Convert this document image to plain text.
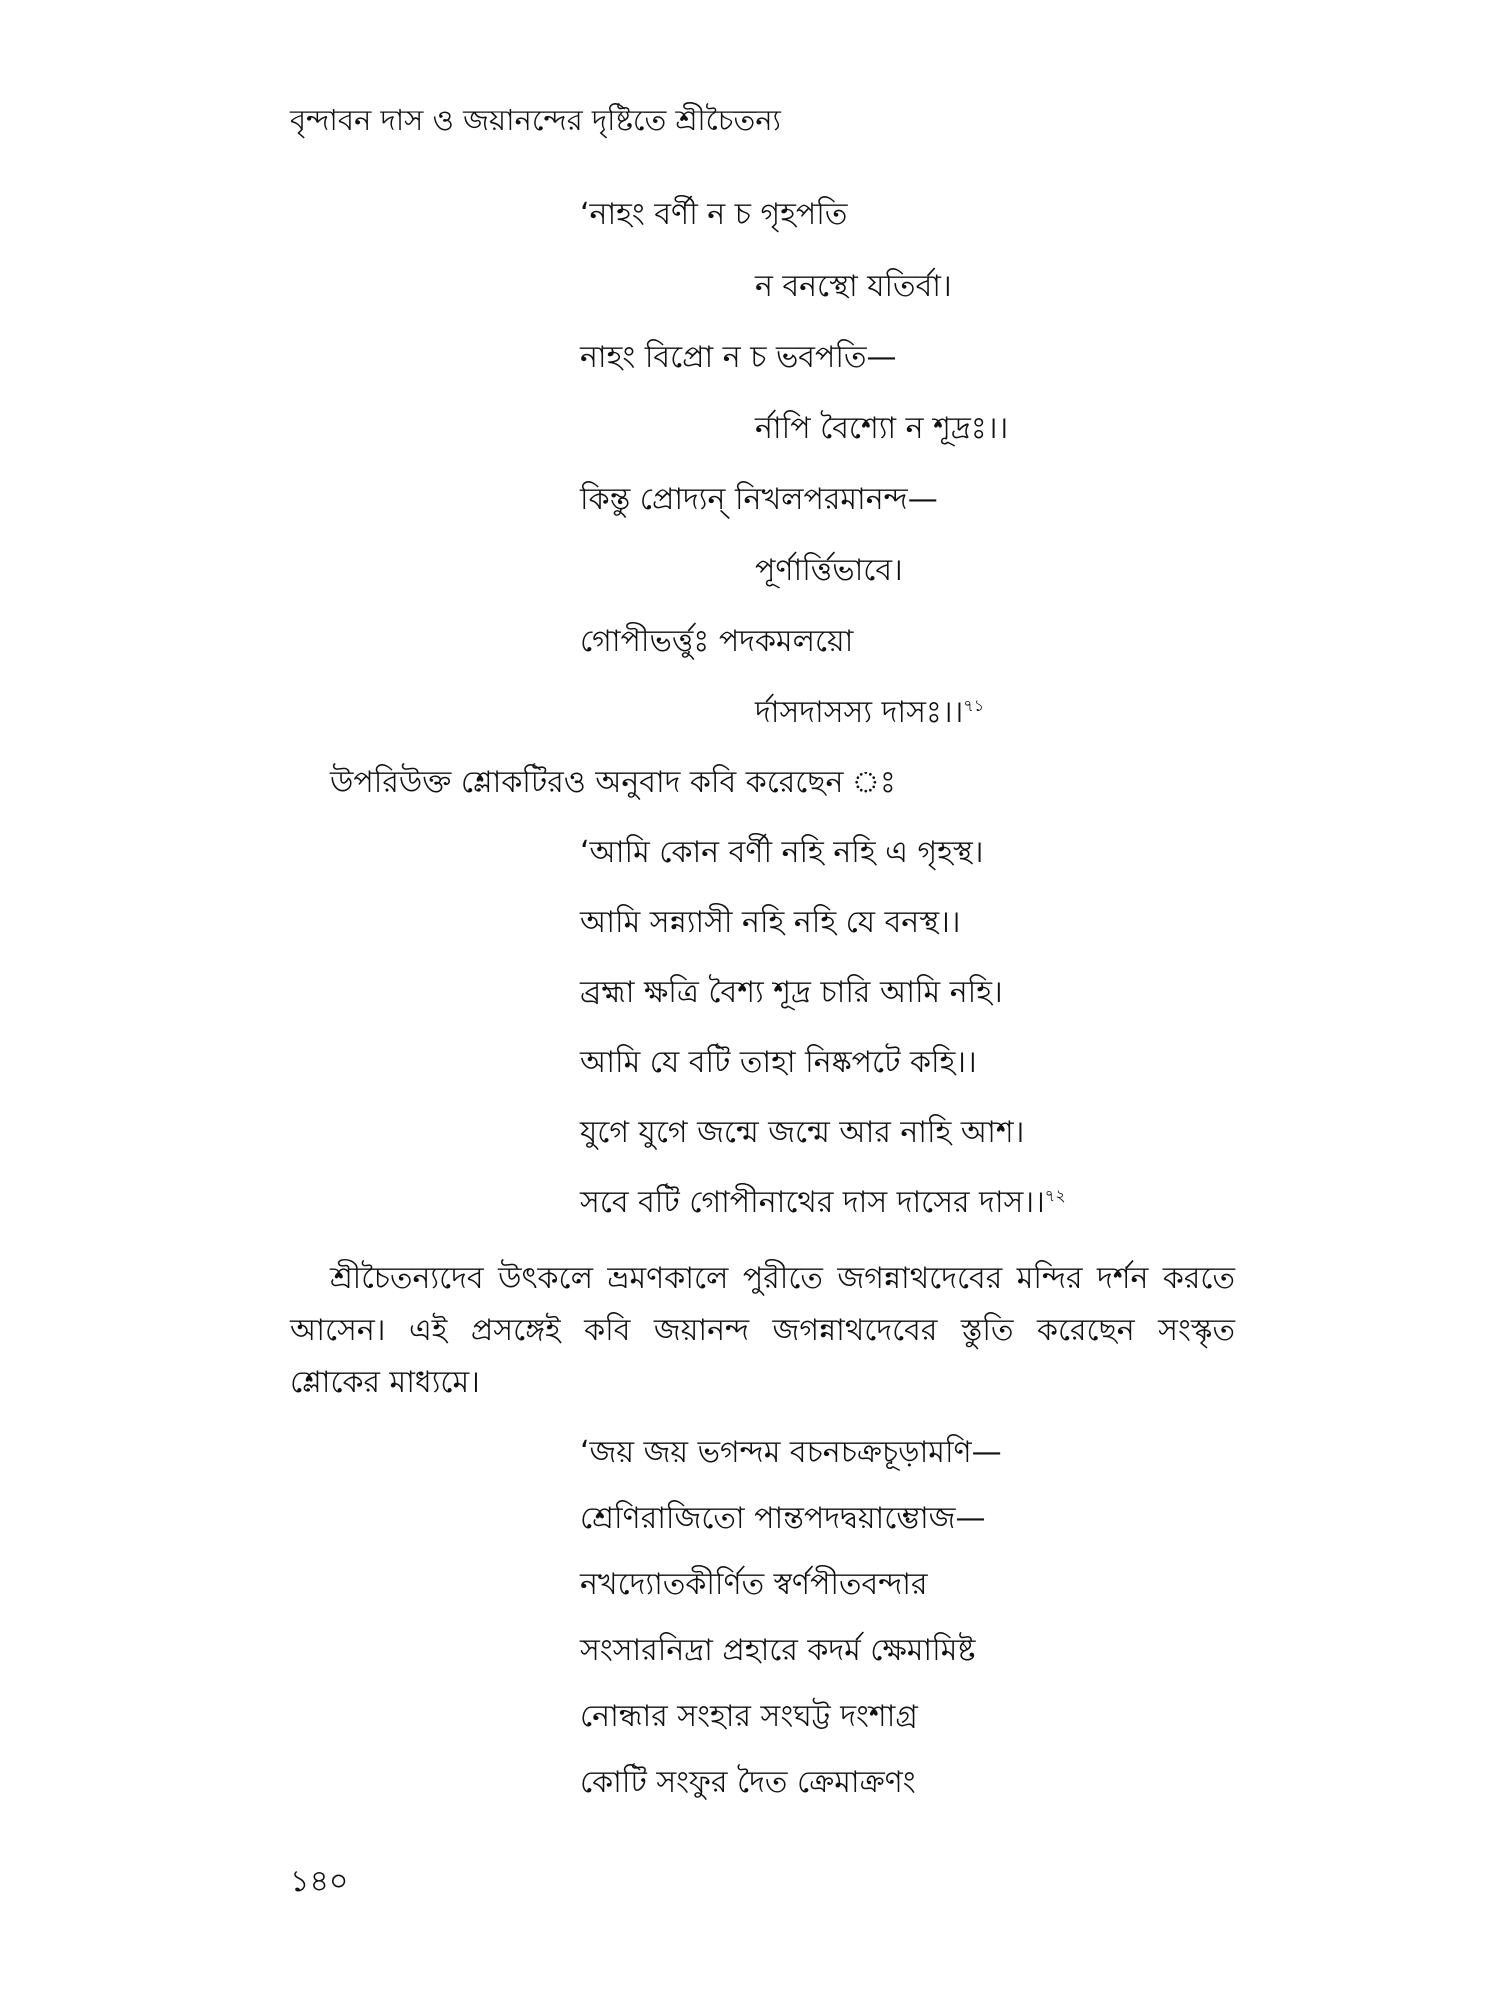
বৃন্দাবন দাস ও জয়ানন্দের দৃষ্টিতে শ্রীচৈতন্য
‘নাহং বর্ণী ন চ গৃহপতি
ন বনস্থো যতির্বা।
নাহং বিপ্রো ন চ ভবপতি—
র্নাপি বৈশ্যো ন শূদ্রঃ।।
কিন্তু প্রোদ্যন্ নিখলপরমানন্দ—
পূর্ণার্ত্তিভাবে।
গোপীভর্ত্তুঃ পদকমলয়ো
র্দাসদাসস্য দাসঃ।।$^{৭১}$
উপরিউক্ত শ্লোকটিরও অনুবাদ কবি করেছেন ঃ
‘আমি কোন বর্ণী নহি নহি এ গৃহস্থ।
আমি সন্ন্যাসী নহি নহি যে বনস্থ।।
ব্রহ্মা ক্ষত্রি বৈশ্য শূদ্র চারি আমি নহি।
আমি যে বটি তাহা নিষ্কপটে কহি।।
যুগে যুগে জন্মে জন্মে আর নাহি আশ।
সবে বটি গোপীনাথের দাস দাসের দাস।।$^{৭২}$
শ্রীচৈতন্যদেব উৎকলে ভ্রমণকালে পুরীতে জগন্নাথদেবের মন্দির দর্শন করতে
আসেন। এই প্রসঙ্গেই কবি জয়ানন্দ জগন্নাথদেবের স্তুতি করেছেন সংস্কৃত
শ্লোকের মাধ্যমে।
‘জয় জয় ভগন্দম বচনচক্রচূড়ামণি—
শ্রেণিরাজিতো পান্তপদদ্বয়াম্ভোজ—
নখদ্যোতকীর্ণিত স্বর্ণপীতবন্দার
সংসারনিদ্রা প্রহারে কদর্ম ক্ষেমামিষ্ট
নোন্ধার সংহার সংঘট্ট দংশাগ্র
কোটি সংফুর দৈত ক্রেমাক্রণং
১৪০
